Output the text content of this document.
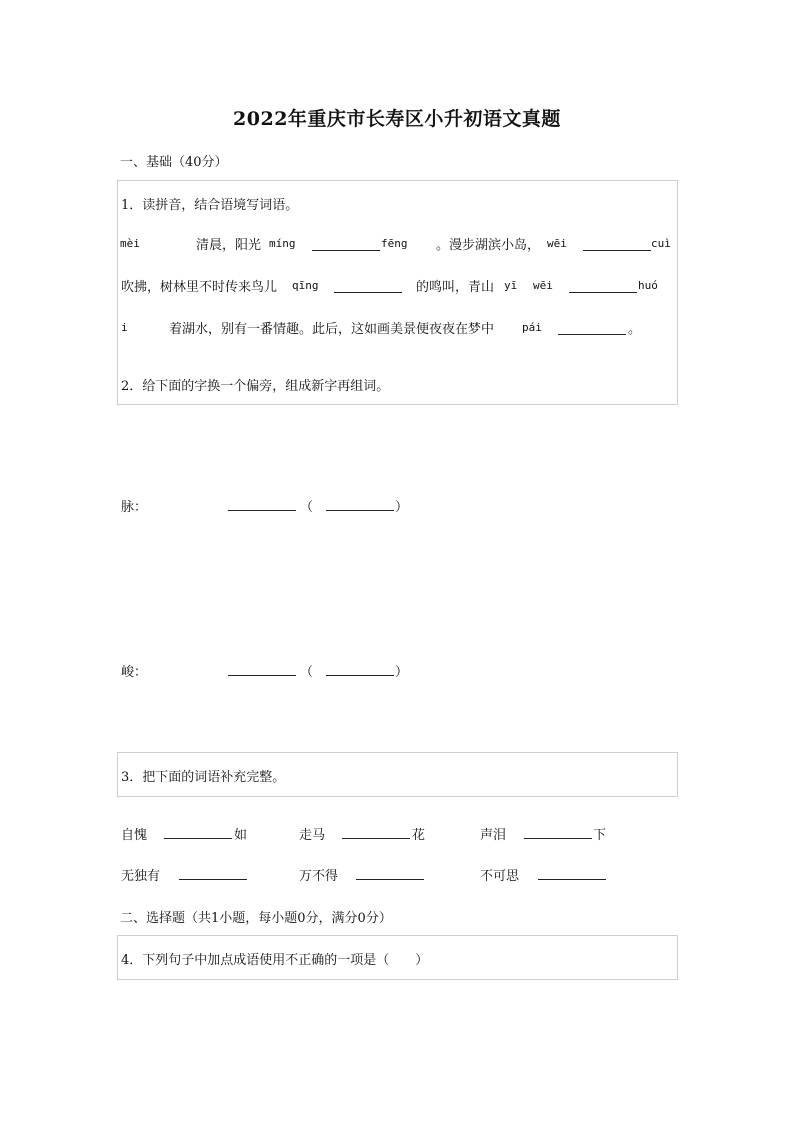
2022年重庆市长寿区小升初语文真题
一、基础（40分）
1．读拼音，结合语境写词语。
mèi	清晨，阳光 míng	fēng 。漫步湖滨小岛， wēi	cuì
吹拂，树林里不时传来鸟儿 qīng	的鸣叫，青山 yī wēi	huó
i	着湖水，别有一番情趣。此后，这如画美景便夜夜在梦中	pái	。
2．给下面的字换一个偏旁，组成新字再组词。
脉：	（	）
峻：	（	）
3．把下面的词语补充完整。
自愧	如	走马	花	声泪	下
无独有	万不得	不可思
二、选择题（共1小题，每小题0分，满分0分）
4．下列句子中加点成语使用不正确的一项是（　　）
